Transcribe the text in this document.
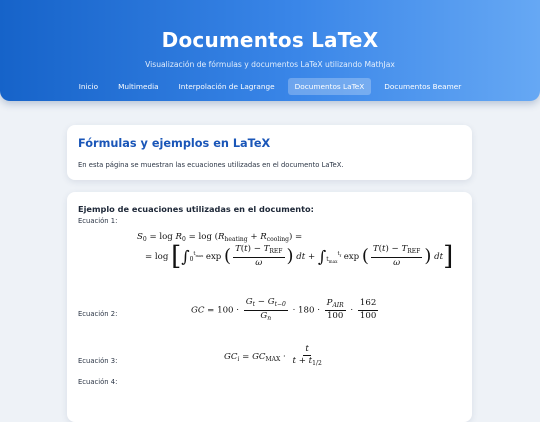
Documentos LaTeX
Visualización de fórmulas y documentos LaTeX utilizando MathJax
Inicio	Multimedia	Interpolación de Lagrange	Documentos LaTeX	Documentos Beamer
Fórmulas y ejemplos en LaTeX
En esta página se muestran las ecuaciones utilizadas en el documento LaTeX.
Ejemplo de ecuaciones utilizadas en el documento:
Ecuación 1:
$S_0 = \log R_0 = \log (R_{heating} + R_{cooling})$ =
= $\log [\int_0^{t_{max}}$ exp ( $\frac{T(t) - T_{REF}}{\omega}$ ) dt + $\int_{t_{max}}^{t_f}$ exp ( $\frac{T(t) - T_{REF}}{\omega}$ ) dt]
Ecuación 2:	GC = $100 \cdot \frac{G_t - G_{t-0}}{G_n} \cdot 180 \cdot \frac{P_{AIR}}{100} \cdot \frac{162}{100}$
Ecuación 3:	$GC_i = GC_{MAX} \cdot \frac{t}{t + t_{1/2}}$
Ecuación 4:
